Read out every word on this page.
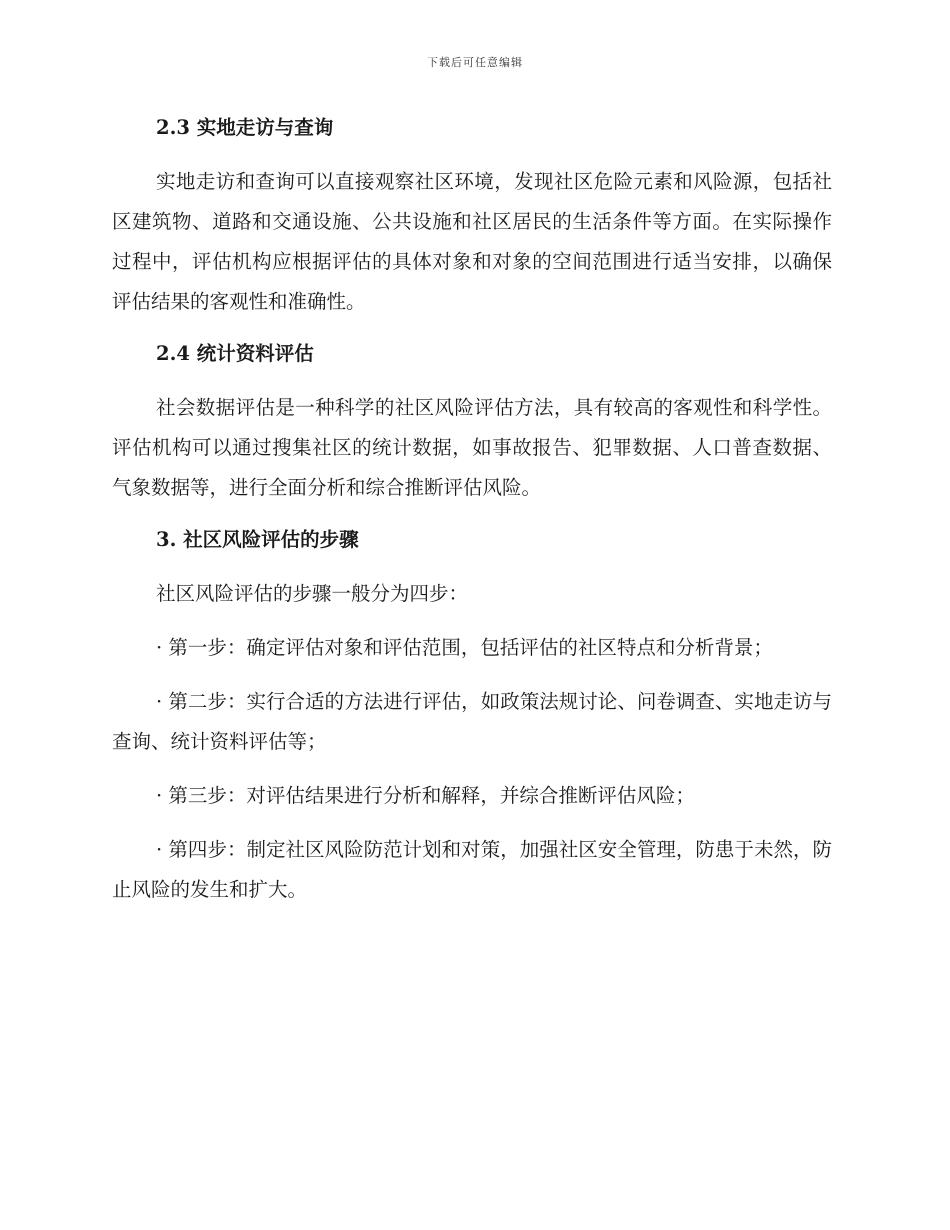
下载后可任意编辑
2.3 实地走访与查询

实地走访和查询可以直接观察社区环境，发现社区危险元素和风险源，包括社区建筑物、道路和交通设施、公共设施和社区居民的生活条件等方面。在实际操作过程中，评估机构应根据评估的具体对象和对象的空间范围进行适当安排，以确保评估结果的客观性和准确性。

2.4 统计资料评估

社会数据评估是一种科学的社区风险评估方法，具有较高的客观性和科学性。评估机构可以通过搜集社区的统计数据，如事故报告、犯罪数据、人口普查数据、气象数据等，进行全面分析和综合推断评估风险。

3. 社区风险评估的步骤

社区风险评估的步骤一般分为四步：

· 第一步：确定评估对象和评估范围，包括评估的社区特点和分析背景；

· 第二步：实行合适的方法进行评估，如政策法规讨论、问卷调查、实地走访与查询、统计资料评估等；

· 第三步：对评估结果进行分析和解释，并综合推断评估风险；

· 第四步：制定社区风险防范计划和对策，加强社区安全管理，防患于未然，防止风险的发生和扩大。
